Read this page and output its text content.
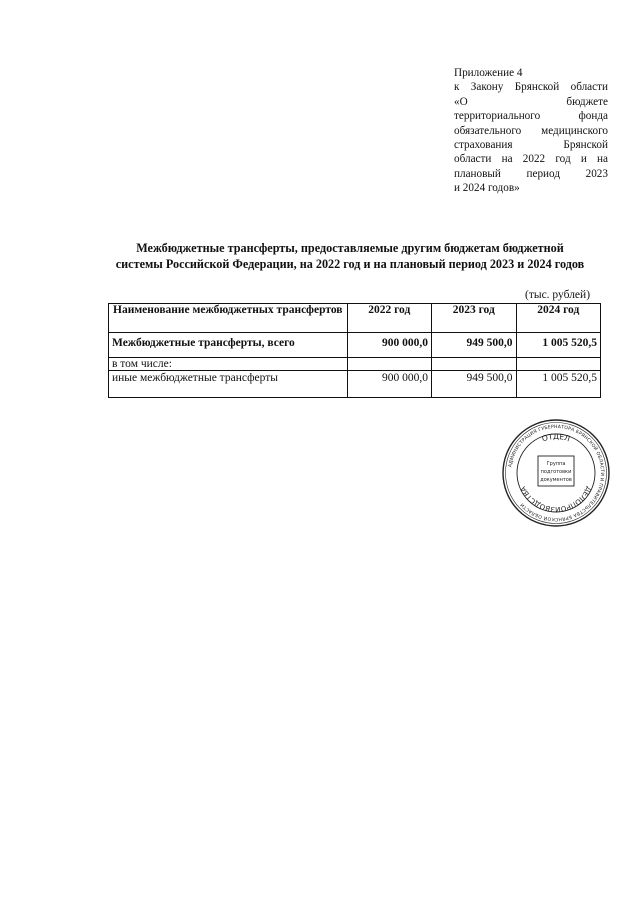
Приложение 4
к Закону Брянской области
«О бюджете
территориального фонда
обязательного медицинского
страхования Брянской
области на 2022 год и на
плановый период 2023
и 2024 годов»
Межбюджетные трансферты, предоставляемые другим бюджетам бюджетной
системы Российской Федерации, на 2022 год и на плановый период 2023 и 2024 годов
(тыс. рублей)
Наименование межбюджетных трансфертов	2022 год	2023 год	2024 год
Межбюджетные трансферты, всего	900 000,0	949 500,0	1 005 520,5
в том числе:			
иные межбюджетные трансферты	900 000,0	949 500,0	1 005 520,5
АДМИНИСТРАЦИЯ ГУБЕРНАТОРА БРЯНСКОЙ ОБЛАСТИ И ПРАВИТЕЛЬСТВА БРЯНСКОЙ ОБЛАСТИ
ОТДЕЛ
ДЕЛОПРОИЗВОДСТВА
Группа
подготовки
документов
